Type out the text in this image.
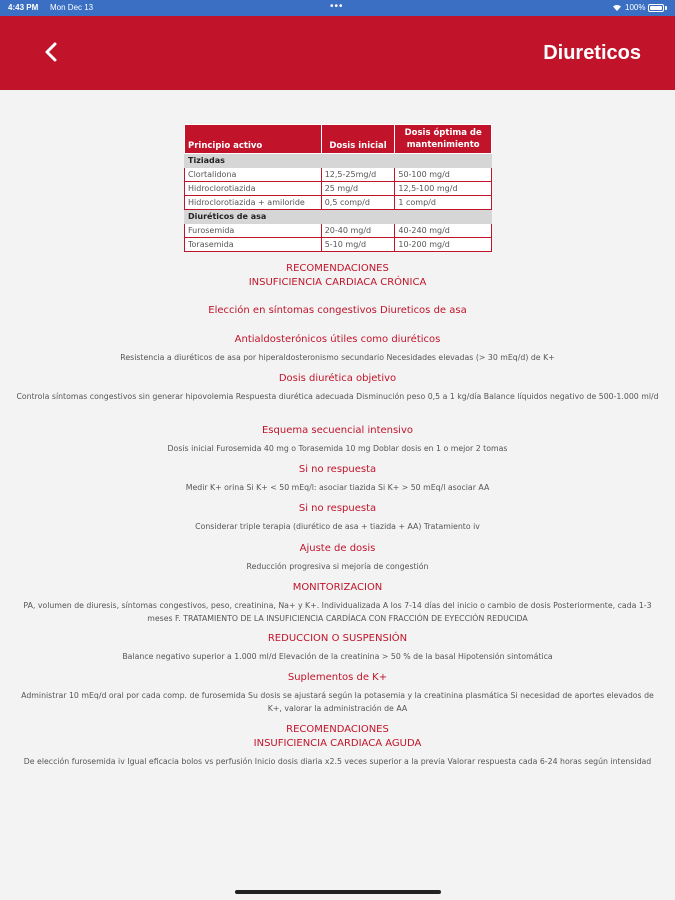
4:43 PM Mon Dec 13	•••	100%
Diureticos
Principio activo	Dosis inicial	Dosis óptima de mantenimiento
Tiziadas		
Clortalidona	12,5-25mg/d	50-100 mg/d
Hidroclorotiazida	25 mg/d	12,5-100 mg/d
Hidroclorotiazida + amiloride	0,5 comp/d	1 comp/d
Diuréticos de asa		
Furosemida	20-40 mg/d	40-240 mg/d
Torasemida	5-10 mg/d	10-200 mg/d
RECOMENDACIONES
INSUFICIENCIA CARDIACA CRÓNICA
Elección en síntomas congestivos Diureticos de asa
Antialdosterónicos útiles como diuréticos
Resistencia a diuréticos de asa por hiperaldosteronismo secundario Necesidades elevadas (> 30 mEq/d) de K+
Dosis diurética objetivo
Controla síntomas congestivos sin generar hipovolemia Respuesta diurética adecuada Disminución peso 0,5 a 1 kg/día Balance líquidos negativo de 500-1.000 ml/d
Esquema secuencial intensivo
Dosis inicial Furosemida 40 mg o Torasemida 10 mg Doblar dosis en 1 o mejor 2 tomas
Si no respuesta
Medir K+ orina Si K+ < 50 mEq/l: asociar tiazida Si K+ > 50 mEq/l asociar AA
Si no respuesta
Considerar triple terapia (diurético de asa + tiazida + AA) Tratamiento iv
Ajuste de dosis
Reducción progresiva si mejoría de congestión
MONITORIZACION
PA, volumen de diuresis, síntomas congestivos, peso, creatinina, Na+ y K+. Individualizada A los 7-14 días del inicio o cambio de dosis Posteriormente, cada 1-3 meses F. TRATAMIENTO DE LA INSUFICIENCIA CARDÍACA CON FRACCIÓN DE EYECCIÓN REDUCIDA
REDUCCION O SUSPENSIÓN
Balance negativo superior a 1.000 ml/d Elevación de la creatinina > 50 % de la basal Hipotensión sintomática
Suplementos de K+
Administrar 10 mEq/d oral por cada comp. de furosemida Su dosis se ajustará según la potasemia y la creatinina plasmática Si necesidad de aportes elevados de K+, valorar la administración de AA
RECOMENDACIONES
INSUFICIENCIA CARDIACA AGUDA
De elección furosemida iv Igual eficacia bolos vs perfusión Inicio dosis diaria x2.5 veces superior a la previa Valorar respuesta cada 6-24 horas según intensidad
